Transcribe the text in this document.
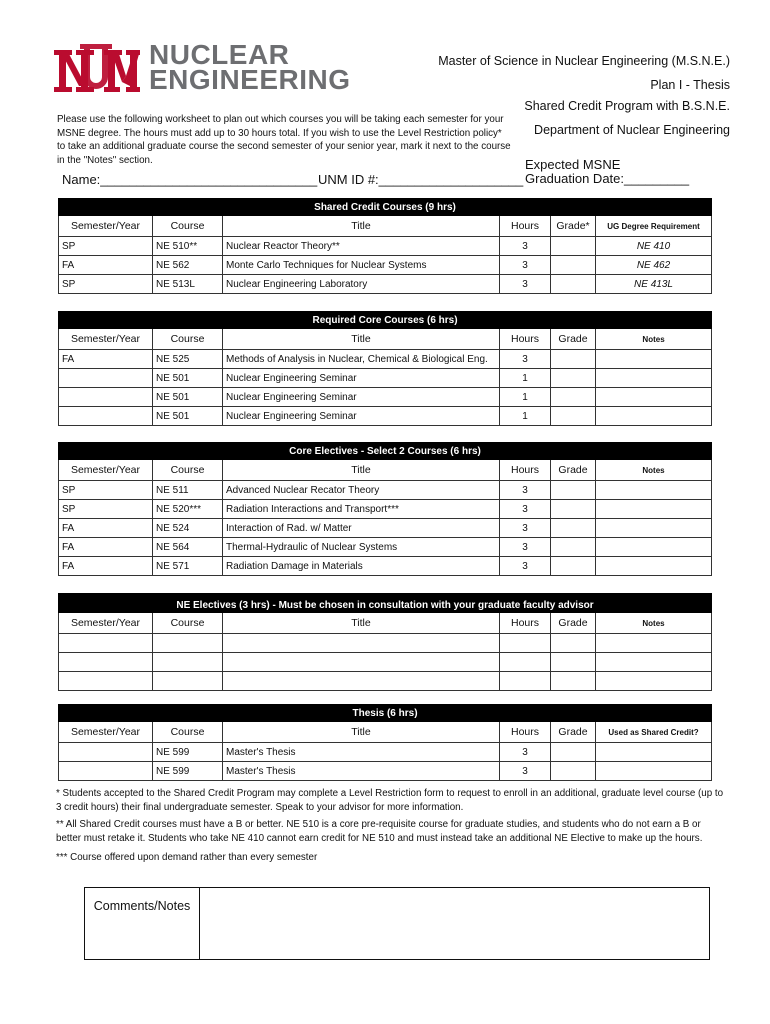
NUCLEAR
ENGINEERING
Master of Science in Nuclear Engineering (M.S.N.E.)
Plan I - Thesis
Shared Credit Program with B.S.N.E.
Department of Nuclear Engineering
Please use the following worksheet to plan out which courses you will be taking each semester for your MSNE degree. The hours must add up to 30 hours total. If you wish to use the Level Restriction policy* to take an additional graduate course the second semester of your senior year, mark it next to the course in the "Notes" section.	Expected MSNE
Graduation Date:_________
Name:______________________________ UNM ID #:____________________
Shared Credit Courses (9 hrs)					
Semester/Year	Course	Title	Hours	Grade*	UG Degree Requirement
SP	NE 510**	Nuclear Reactor Theory**	3		NE 410
FA	NE 562	Monte Carlo Techniques for Nuclear Systems	3		NE 462
SP	NE 513L	Nuclear Engineering Laboratory	3		NE 413L
Required Core Courses (6 hrs)					
Semester/Year	Course	Title	Hours	Grade	Notes
FA	NE 525	Methods of Analysis in Nuclear, Chemical & Biological Eng.	3		
	NE 501	Nuclear Engineering Seminar	1		
	NE 501	Nuclear Engineering Seminar	1		
	NE 501	Nuclear Engineering Seminar	1		
Core Electives - Select 2 Courses (6 hrs)					
Semester/Year	Course	Title	Hours	Grade	Notes
SP	NE 511	Advanced Nuclear Recator Theory	3		
SP	NE 520***	Radiation Interactions and Transport***	3		
FA	NE 524	Interaction of Rad. w/ Matter	3		
FA	NE 564	Thermal-Hydraulic of Nuclear Systems	3		
FA	NE 571	Radiation Damage in Materials	3		
NE Electives (3 hrs) - Must be chosen in consultation with your graduate faculty advisor					
Semester/Year	Course	Title	Hours	Grade	Notes

Thesis (6 hrs)					
Semester/Year	Course	Title	Hours	Grade	Used as Shared Credit?
	NE 599	Master's Thesis	3		
	NE 599	Master's Thesis	3		
* Students accepted to the Shared Credit Program may complete a Level Restriction form to request to enroll in an additional, graduate level course (up to 3 credit hours) their final undergraduate semester. Speak to your advisor for more information.
** All Shared Credit courses must have a B or better. NE 510 is a core pre-requisite course for graduate studies, and students who do not earn a B or better must retake it. Students who take NE 410 cannot earn credit for NE 510 and must instead take an additional NE Elective to make up the hours.
*** Course offered upon demand rather than every semester
Comments/Notes
